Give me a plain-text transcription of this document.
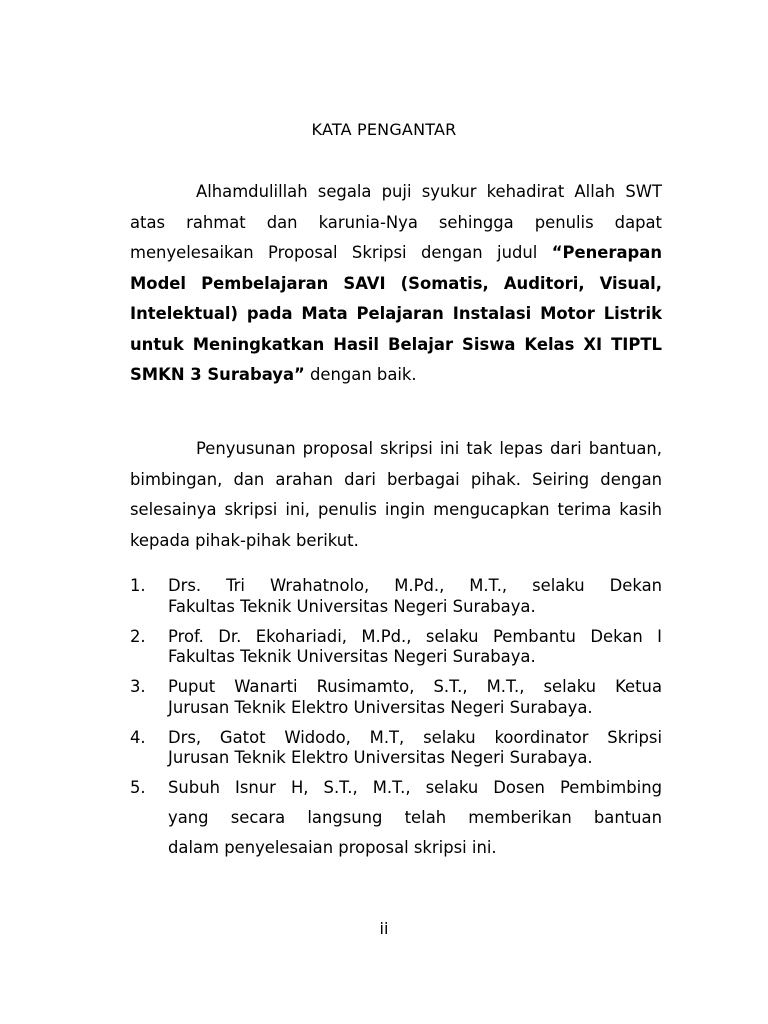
KATA PENGANTAR

Alhamdulillah segala puji syukur kehadirat Allah SWT atas rahmat dan karunia-Nya sehingga penulis dapat menyelesaikan Proposal Skripsi dengan judul “Penerapan Model Pembelajaran SAVI (Somatis, Auditori, Visual, Intelektual) pada Mata Pelajaran Instalasi Motor Listrik untuk Meningkatkan Hasil Belajar Siswa Kelas XI TIPTL SMKN 3 Surabaya” dengan baik.

Penyusunan proposal skripsi ini tak lepas dari bantuan, bimbingan, dan arahan dari berbagai pihak. Seiring dengan selesainya skripsi ini, penulis ingin mengucapkan terima kasih kepada pihak-pihak berikut.

1. Drs. Tri Wrahatnolo, M.Pd., M.T., selaku Dekan
Fakultas Teknik Universitas Negeri Surabaya.
2. Prof. Dr. Ekohariadi, M.Pd., selaku Pembantu Dekan I
Fakultas Teknik Universitas Negeri Surabaya.
3. Puput Wanarti Rusimamto, S.T., M.T., selaku Ketua
Jurusan Teknik Elektro Universitas Negeri Surabaya.
4. Drs, Gatot Widodo, M.T, selaku koordinator Skripsi
Jurusan Teknik Elektro Universitas Negeri Surabaya.
5. Subuh Isnur H, S.T., M.T., selaku Dosen Pembimbing
yang secara langsung telah memberikan bantuan
dalam penyelesaian proposal skripsi ini.
ii
